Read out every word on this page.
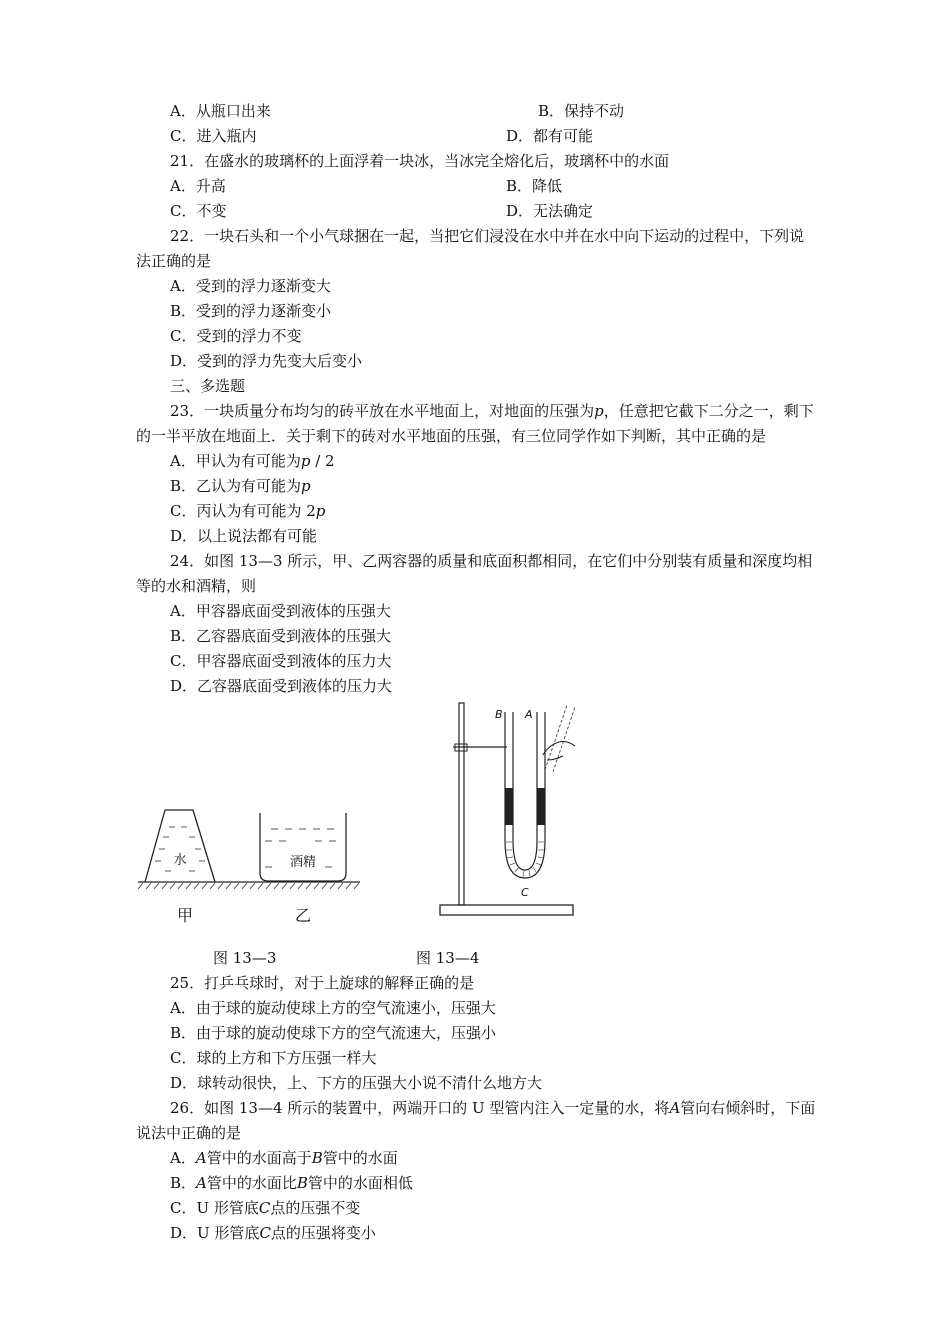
A．从瓶口出来	B．保持不动
C．进入瓶内	D．都有可能
21．在盛水的玻璃杯的上面浮着一块冰，当冰完全熔化后，玻璃杯中的水面
A．升高	B．降低
C．不变	D．无法确定
22．一块石头和一个小气球捆在一起，当把它们浸没在水中并在水中向下运动的过程中，下列说
法正确的是
A．受到的浮力逐渐变大
B．受到的浮力逐渐变小
C．受到的浮力不变
D．受到的浮力先变大后变小
三、多选题
23．一块质量分布均匀的砖平放在水平地面上，对地面的压强为p，任意把它截下二分之一，剩下
的一半平放在地面上．关于剩下的砖对水平地面的压强，有三位同学作如下判断，其中正确的是
A．甲认为有可能为p / 2
B．乙认为有可能为p
C．丙认为有可能为 2p
D．以上说法都有可能
24．如图 13—3 所示，甲、乙两容器的质量和底面积都相同，在它们中分别装有质量和深度均相
等的水和酒精，则
A．甲容器底面受到液体的压强大
B．乙容器底面受到液体的压强大
C．甲容器底面受到液体的压力大
D．乙容器底面受到液体的压力大
水	酒精
甲	乙
B A
C
图 13—3	图 13—4
25．打乒乓球时，对于上旋球的解释正确的是
A．由于球的旋动使球上方的空气流速小，压强大
B．由于球的旋动使球下方的空气流速大，压强小
C．球的上方和下方压强一样大
D．球转动很快，上、下方的压强大小说不清什么地方大
26．如图 13—4 所示的装置中，两端开口的 U 型管内注入一定量的水，将A管向右倾斜时，下面
说法中正确的是
A．A管中的水面高于B管中的水面
B．A管中的水面比B管中的水面相低
C．U 形管底C点的压强不变
D．U 形管底C点的压强将变小
